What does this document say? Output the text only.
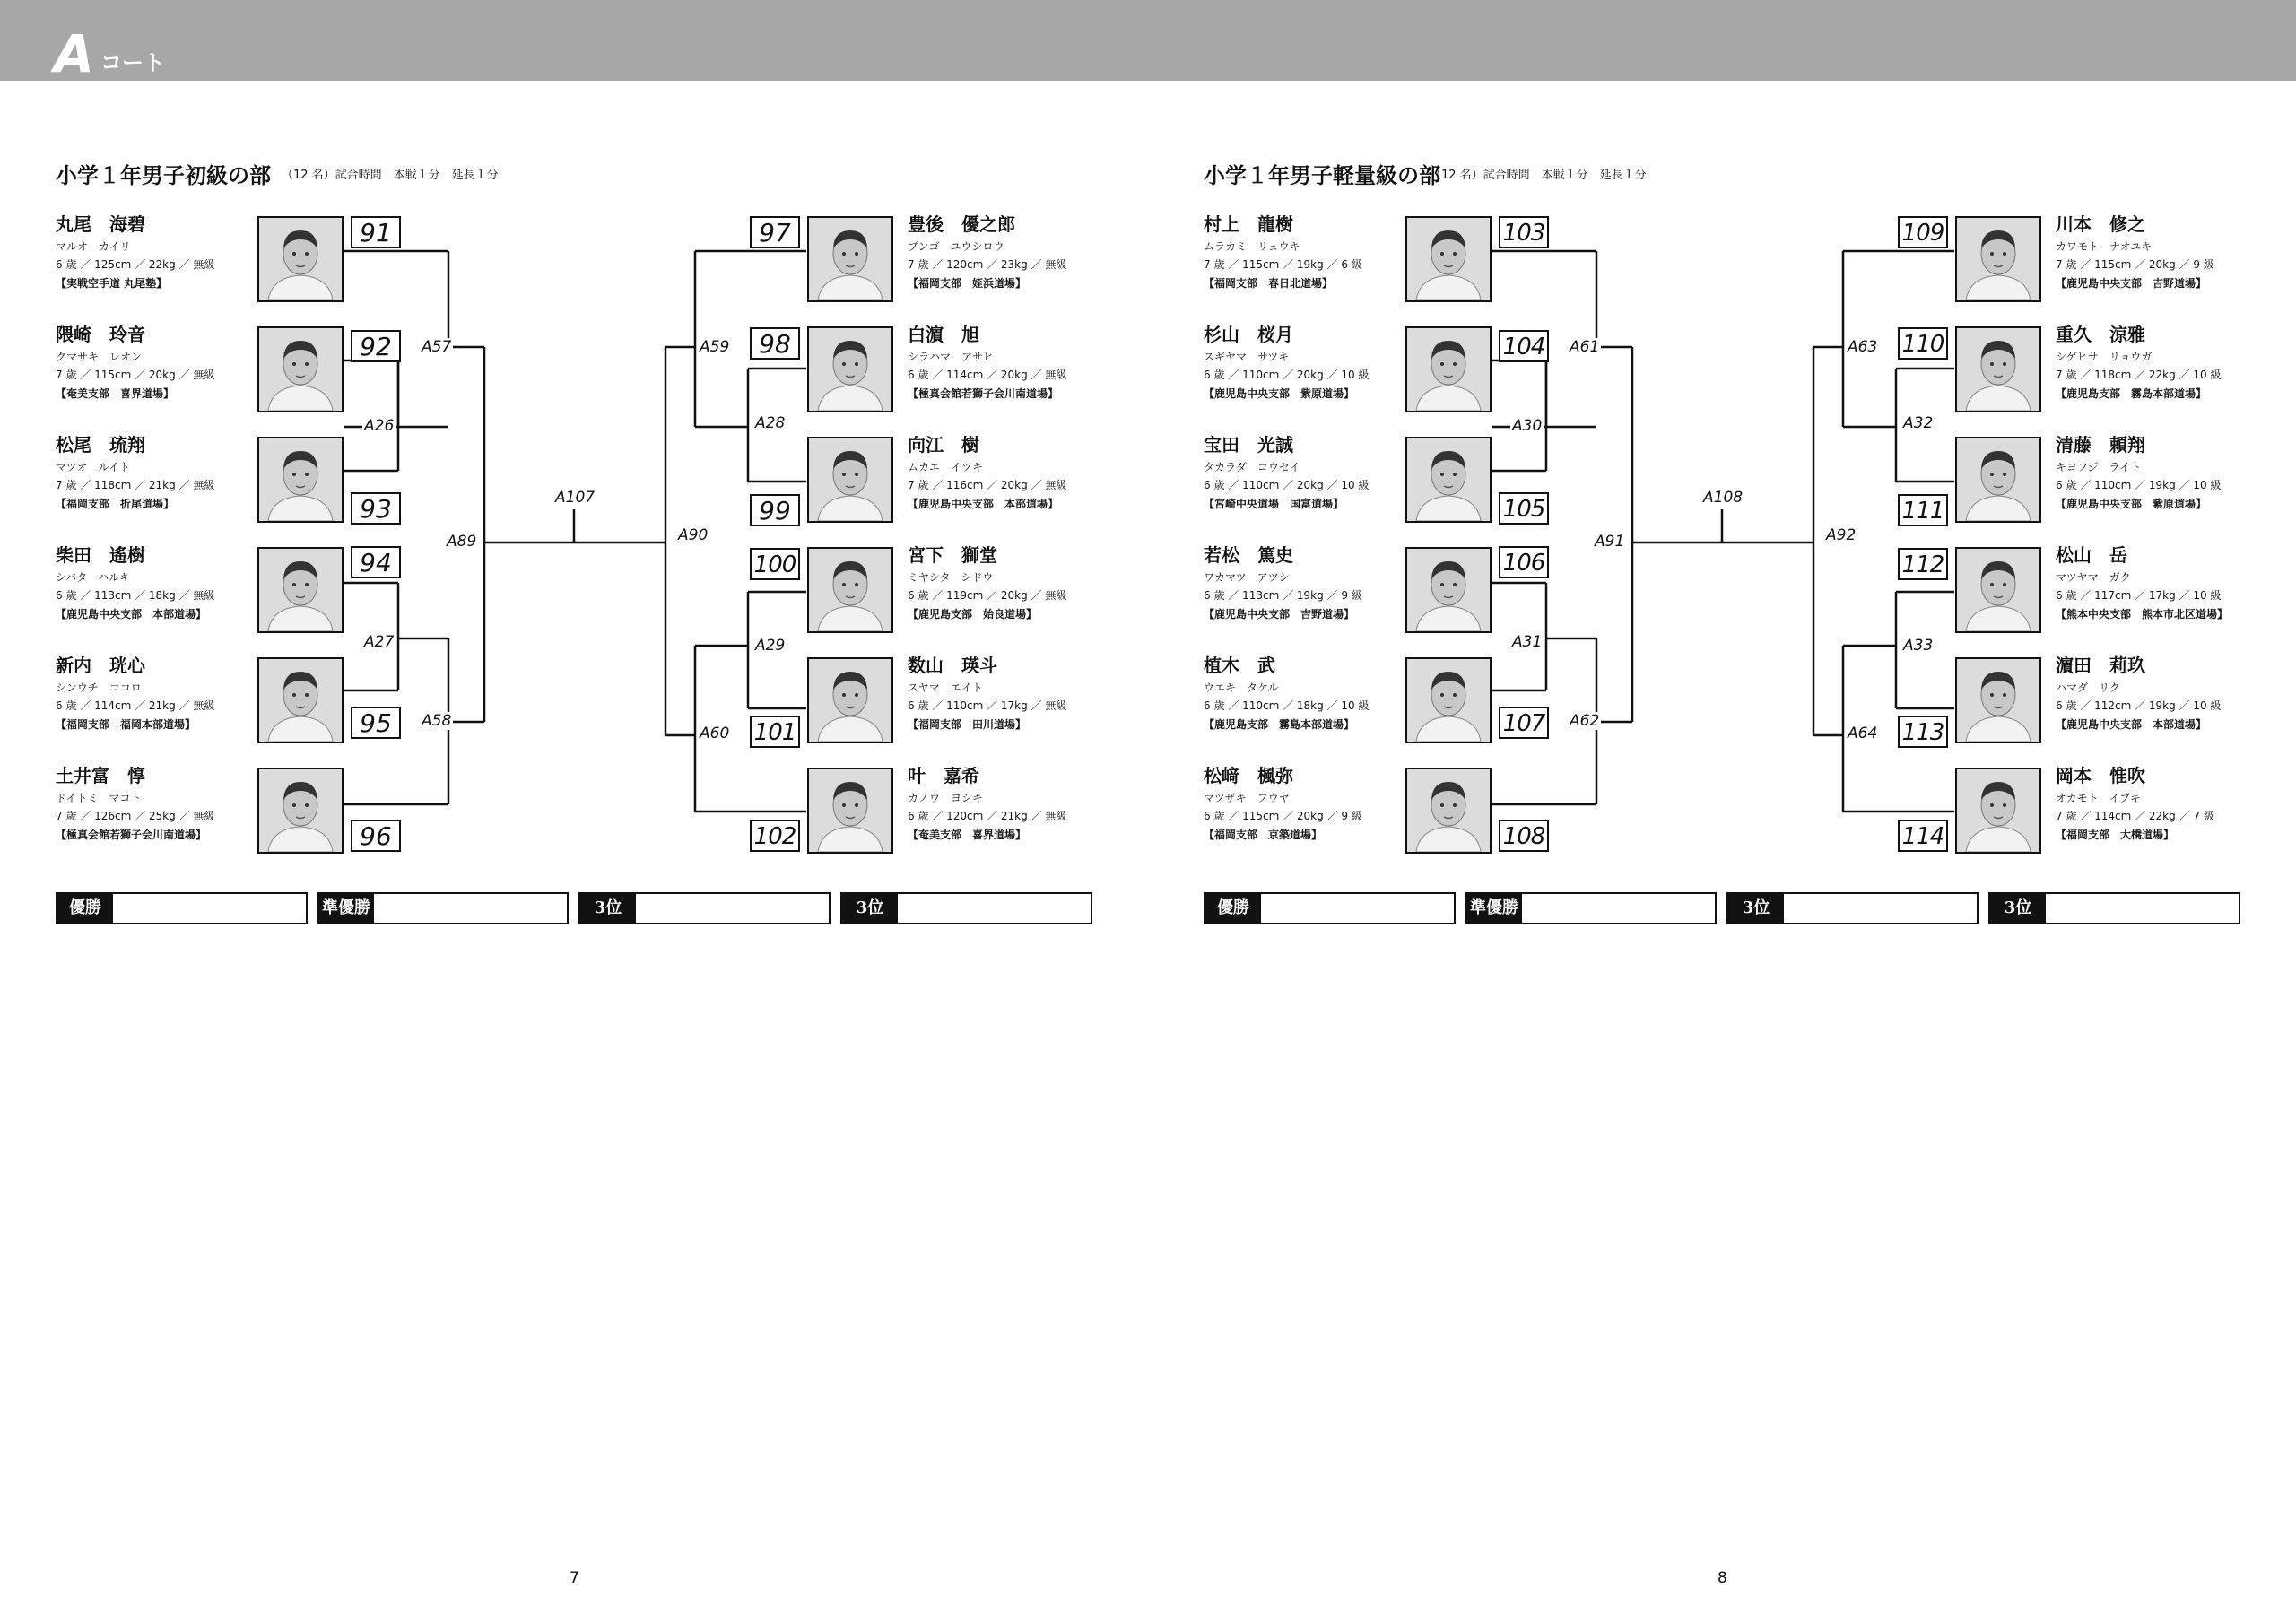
A コート
小学１年男子初級の部 （12 名）試合時間　本戦１分　延長１分
丸尾　海碧
マルオ　カイリ
6 歳 ／ 125cm ／ 22kg ／ 無級
【実戦空手道 丸尾塾】
91
隈崎　玲音
クマサキ　レオン
7 歳 ／ 115cm ／ 20kg ／ 無級
【奄美支部　喜界道場】
92
松尾　琉翔
マツオ　ルイト
7 歳 ／ 118cm ／ 21kg ／ 無級
【福岡支部　折尾道場】	93
柴田　遙樹
シバタ　ハルキ
6 歳 ／ 113cm ／ 18kg ／ 無級
【鹿児島中央支部　本部道場】
94
新内　珖心
シンウチ　ココロ
6 歳 ／ 114cm ／ 21kg ／ 無級
【福岡支部　福岡本部道場】	95
土井富　惇
ドイトミ　マコト
7 歳 ／ 126cm ／ 25kg ／ 無級
【極真会館若獅子会川南道場】	96
豊後　優之郎
ブンゴ　ユウシロウ
7 歳 ／ 120cm ／ 23kg ／ 無級
【福岡支部　姪浜道場】
97
白濵　旭
シラハマ　アサヒ
6 歳 ／ 114cm ／ 20kg ／ 無級
【極真会館若獅子会川南道場】
98
向江　樹
ムカエ　イツキ
7 歳 ／ 116cm ／ 20kg ／ 無級
【鹿児島中央支部　本部道場】
99
宮下　獅堂
ミヤシタ　シドウ
6 歳 ／ 119cm ／ 20kg ／ 無級
【鹿児島支部　始良道場】
100
数山　瑛斗
スヤマ　エイト
6 歳 ／ 110cm ／ 17kg ／ 無級
【福岡支部　田川道場】
101
叶　嘉希
カノウ　ヨシキ
6 歳 ／ 120cm ／ 21kg ／ 無級
【奄美支部　喜界道場】
102
A57
A26
A27
A58
A89
A107
A59
A28
A29
A60
A90
優勝	準優勝	3位	3位
7
小学１年男子軽量級の部
（12 名）試合時間　本戦１分　延長１分
村上　龍樹
ムラカミ　リュウキ
7 歳 ／ 115cm ／ 19kg ／ 6 級
【福岡支部　春日北道場】
103
杉山　桜月
スギヤマ　サツキ
6 歳 ／ 110cm ／ 20kg ／ 10 級
【鹿児島中央支部　紫原道場】
104
宝田　光誠
タカラダ　コウセイ
6 歳 ／ 110cm ／ 20kg ／ 10 級
【宮崎中央道場　国富道場】	105
若松　篤史
ワカマツ　アツシ
6 歳 ／ 113cm ／ 19kg ／ 9 級
【鹿児島中央支部　吉野道場】
106
植木　武
ウエキ　タケル
6 歳 ／ 110cm ／ 18kg ／ 10 級
【鹿児島支部　霧島本部道場】	107
松﨑　楓弥
マツザキ　フウヤ
6 歳 ／ 115cm ／ 20kg ／ 9 級
【福岡支部　京築道場】	108
川本　修之
カワモト　ナオユキ
7 歳 ／ 115cm ／ 20kg ／ 9 級
【鹿児島中央支部　吉野道場】
109
重久　涼雅
シゲヒサ　リョウガ
7 歳 ／ 118cm ／ 22kg ／ 10 級
【鹿児島支部　霧島本部道場】
110
清藤　頼翔
キヨフジ　ライト
6 歳 ／ 110cm ／ 19kg ／ 10 級
【鹿児島中央支部　紫原道場】
111
松山　岳
マツヤマ　ガク
6 歳 ／ 117cm ／ 17kg ／ 10 級
【熊本中央支部　熊本市北区道場】
112
濵田　莉玖
ハマダ　リク
6 歳 ／ 112cm ／ 19kg ／ 10 級
【鹿児島中央支部　本部道場】
113
岡本　惟吹
オカモト　イブキ
7 歳 ／ 114cm ／ 22kg ／ 7 級
【福岡支部　大橋道場】
114
A61
A30
A31
A62
A91
A108
A63
A32
A33
A64
A92
優勝	準優勝	3位	3位
8
